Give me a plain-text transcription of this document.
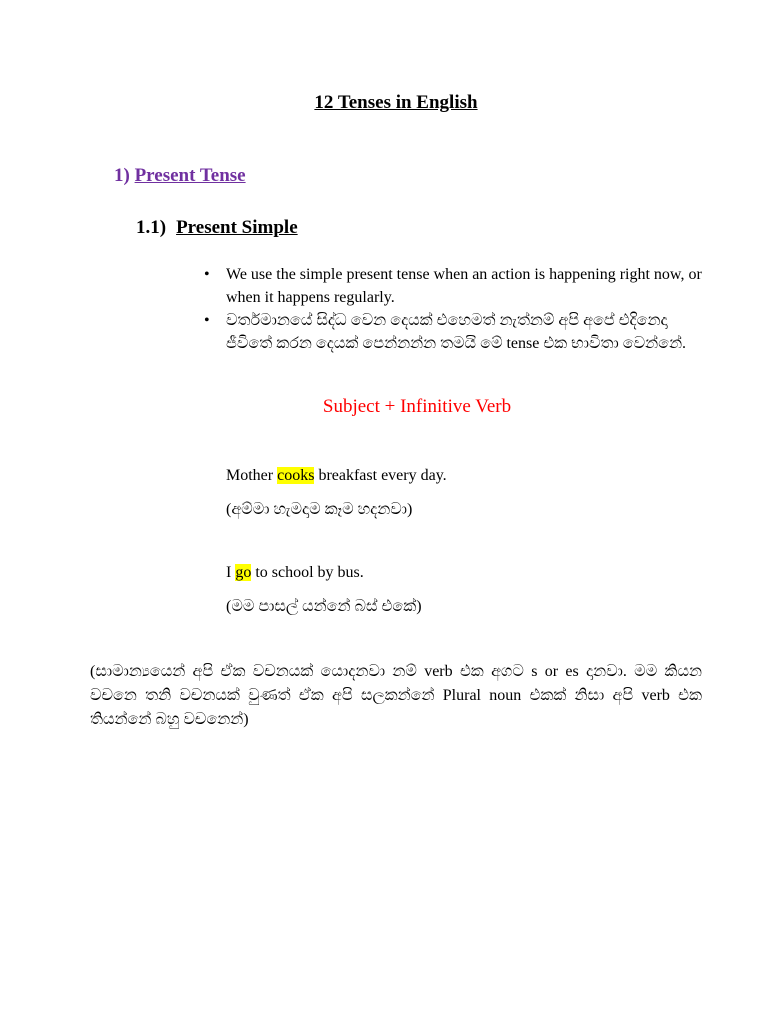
12 Tenses in English
1) Present Tense
1.1) Present Simple
• We use the simple present tense when an action is happening right now, or when it happens regularly.
• වර්තමානයේ සිද්ධ වෙන දෙයක් එහෙමත් නැත්නම් අපි අපේ එදිනෙදා ජීවිතේ කරන දෙයක් පෙන්නන්න තමයි මේ tense එක භාවිතා වෙන්නේ.
Subject + Infinitive Verb
Mother cooks breakfast every day.
(අම්මා හැමදාම කෑම හදනවා)
I go to school by bus.
(මම පාසල් යන්නේ බස් එකේ)

(සාමාන්‍යයෙන් අපි ඒක වචනයක් යොදනවා නම් verb එක අගට s or es දානවා. මම කියන වචනෙ තනි වචනයක් වුණත් ඒක අපි සලකන්නේ Plural noun එකක් නිසා අපි verb එක තියන්නේ බහු වචනෙන්)
